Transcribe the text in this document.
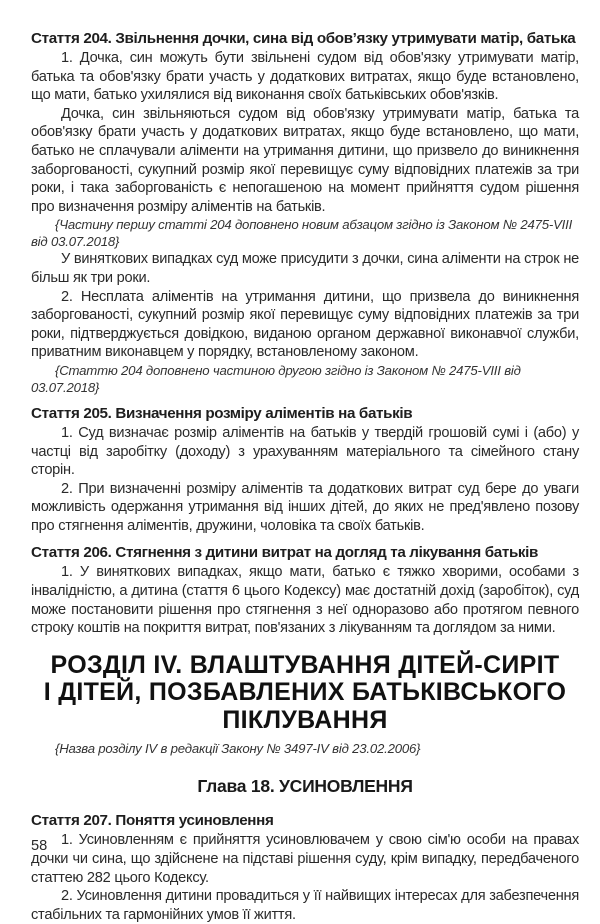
Стаття 204. Звільнення дочки, сина від обов’язку утримувати матір, батька

1. Дочка, син можуть бути звільнені судом від обов'язку утримувати матір, батька та обов'язку брати участь у додаткових витратах, якщо буде встановлено, що мати, батько ухилялися від виконання своїх батьківських обов'язків.

Дочка, син звільняються судом від обов'язку утримувати матір, батька та обов'язку брати участь у додаткових витратах, якщо буде встановлено, що мати, батько не сплачували аліменти на утримання дитини, що призвело до виникнення заборгованості, сукупний розмір якої перевищує суму відповідних платежів за три роки, і така заборгованість є непогашеною на момент прийняття судом рішення про визначення розміру аліментів на батьків.

{Частину першу статті 204 доповнено новим абзацом згідно із Законом № 2475-VIII від 03.07.2018}

У виняткових випадках суд може присудити з дочки, сина аліменти на строк не більш як три роки.

2. Несплата аліментів на утримання дитини, що призвела до виникнення заборгованості, сукупний розмір якої перевищує суму відповідних платежів за три роки, підтверджується довідкою, виданою органом державної виконавчої служби, приватним виконавцем у порядку, встановленому законом.

{Статтю 204 доповнено частиною другою згідно із Законом № 2475-VIII від 03.07.2018}

Стаття 205. Визначення розміру аліментів на батьків

1. Суд визначає розмір аліментів на батьків у твердій грошовій сумі і (або) у частці від заробітку (доходу) з урахуванням матеріального та сімейного стану сторін.

2. При визначенні розміру аліментів та додаткових витрат суд бере до уваги можливість одержання утримання від інших дітей, до яких не пред'явлено позову про стягнення аліментів, дружини, чоловіка та своїх батьків.

Стаття 206. Стягнення з дитини витрат на догляд та лікування батьків

1. У виняткових випадках, якщо мати, батько є тяжко хворими, особами з інвалідністю, а дитина (стаття 6 цього Кодексу) має достатній дохід (заробіток), суд може постановити рішення про стягнення з неї одноразово або протягом певного строку коштів на покриття витрат, пов'язаних з лікуванням та доглядом за ними.

РОЗДІЛ IV. ВЛАШТУВАННЯ ДІТЕЙ-СИРІТ
І ДІТЕЙ, ПОЗБАВЛЕНИХ БАТЬКІВСЬКОГО
ПІКЛУВАННЯ

{Назва розділу IV в редакції Закону № 3497-IV від 23.02.2006}

Глава 18. УСИНОВЛЕННЯ
Стаття 207. Поняття усиновлення

1. Усиновленням є прийняття усиновлювачем у свою сім'ю особи на правах дочки чи сина, що здійснене на підставі рішення суду, крім випадку, передбаченого статтею 282 цього Кодексу.

2. Усиновлення дитини провадиться у її найвищих інтересах для забезпечення стабільних та гармонійних умов її життя.

58
